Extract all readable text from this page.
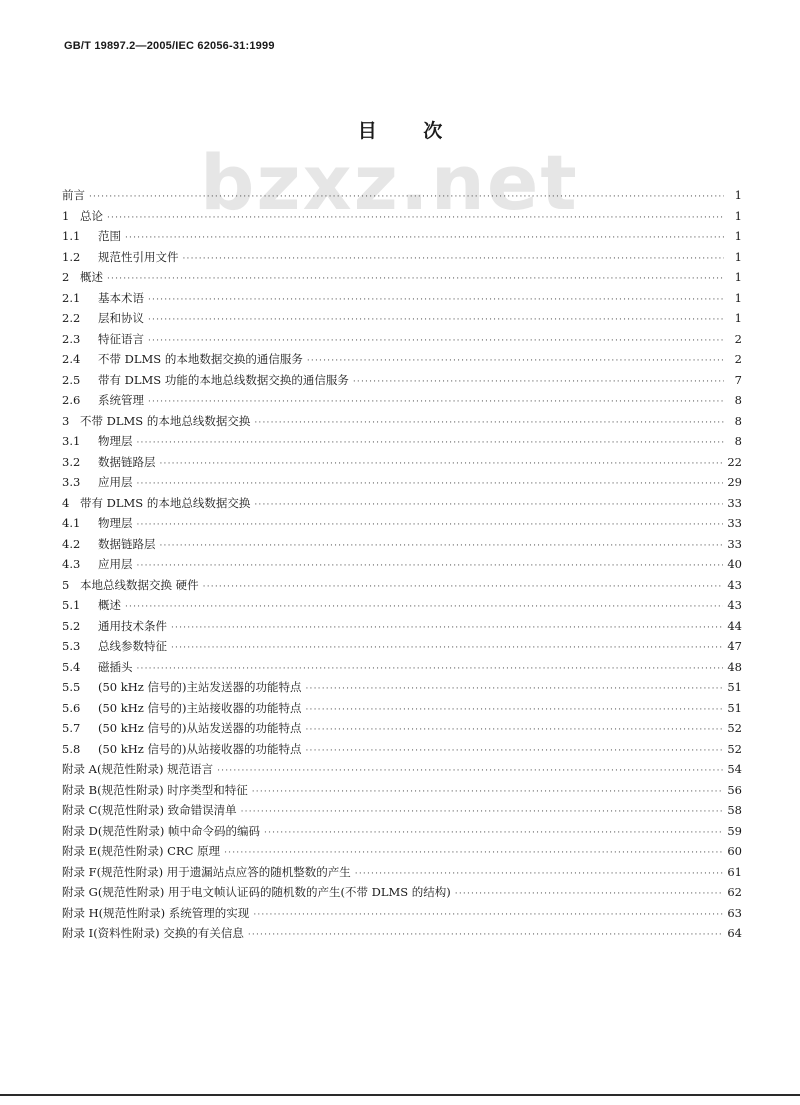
GB/T 19897.2—2005/IEC 62056-31:1999
bzxz.net
目 次
前言 ·····	1
1 总论 ·····	1
1.1	范围 ·····	1
1.2	规范性引用文件 ·····	1
2 概述 ·····	1
2.1	基本术语 ·····	1
2.2	层和协议 ·····	1
2.3	特征语言 ·····	2
2.4	不带 DLMS 的本地数据交换的通信服务 ·····	2
2.5	带有 DLMS 功能的本地总线数据交换的通信服务 ·····	7
2.6	系统管理 ·····	8
3 不带 DLMS 的本地总线数据交换 ·····	8
3.1	物理层 ·····	8
3.2	数据链路层 ·····	22
3.3	应用层 ·····	29
4 带有 DLMS 的本地总线数据交换 ·····	33
4.1	物理层 ·····	33
4.2	数据链路层 ·····	33
4.3	应用层 ·····	40
5 本地总线数据交换 硬件 ·····	43
5.1	概述 ·····	43
5.2	通用技术条件 ·····	44
5.3	总线参数特征 ·····	47
5.4	磁插头 ·····	48
5.5	(50 kHz 信号的)主站发送器的功能特点 ·····	51
5.6	(50 kHz 信号的)主站接收器的功能特点 ·····	51
5.7	(50 kHz 信号的)从站发送器的功能特点 ·····	52
5.8	(50 kHz 信号的)从站接收器的功能特点 ·····	52
附录 A(规范性附录) 规范语言 ·····	54
附录 B(规范性附录) 时序类型和特征 ·····	56
附录 C(规范性附录) 致命错误清单 ·····	58
附录 D(规范性附录) 帧中命令码的编码 ·····	59
附录 E(规范性附录) CRC 原理 ·····	60
附录 F(规范性附录) 用于遗漏站点应答的随机整数的产生 ·····	61
附录 G(规范性附录) 用于电文帧认证码的随机数的产生(不带 DLMS 的结构) ·····	62
附录 H(规范性附录) 系统管理的实现 ·····	63
附录 I(资料性附录) 交换的有关信息 ·····	64
